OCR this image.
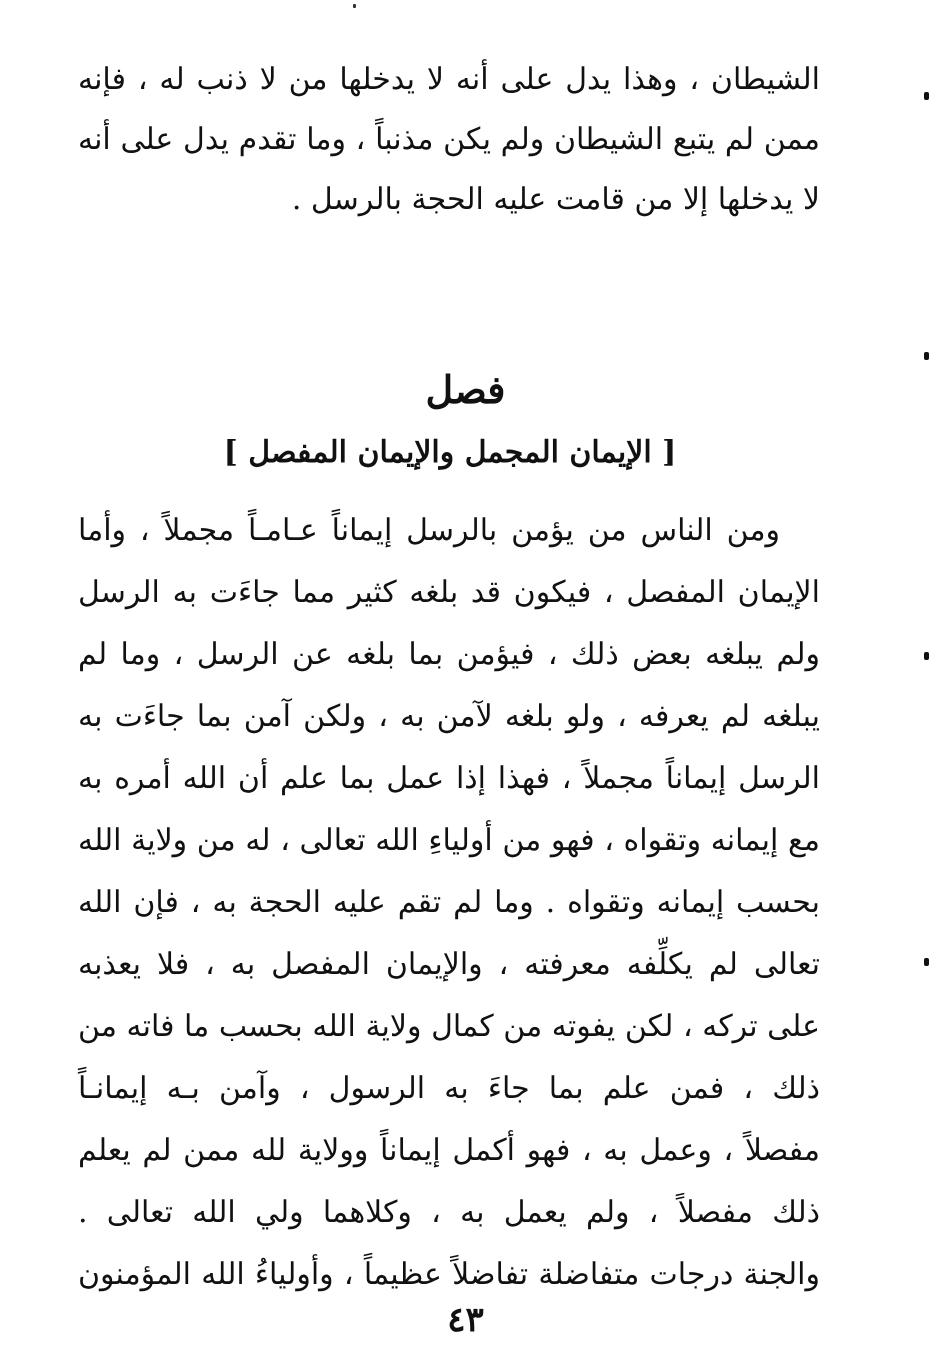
الشيطان ، وهذا يدل على أنه لا يدخلها من لا ذنب له ، فإنه
ممن لم يتبع الشيطان ولم يكن مذنباً ، وما تقدم يدل على أنه
لا يدخلها إلا من قامت عليه الحجة بالرسل .
فصل
[ الإيمان المجمل والإيمان المفصل ]
ومن الناس من يؤمن بالرسل إيماناً عـامـاً مجملاً ، وأما
الإيمان المفصل ، فيكون قد بلغه كثير مما جاءَت به الرسل
ولم يبلغه بعض ذلك ، فيؤمن بما بلغه عن الرسل ، وما لم
يبلغه لم يعرفه ، ولو بلغه لآمن به ، ولكن آمن بما جاءَت به
الرسل إيماناً مجملاً ، فهذا إذا عمل بما علم أن الله أمره به
مع إيمانه وتقواه ، فهو من أولياءِ الله تعالى ، له من ولاية الله
بحسب إيمانه وتقواه . وما لم تقم عليه الحجة به ، فإن الله
تعالى لم يكلِّفه معرفته ، والإيمان المفصل به ، فلا يعذبه
على تركه ، لكن يفوته من كمال ولاية الله بحسب ما فاته من
ذلك ، فمن علم بما جاءَ به الرسول ، وآمن بـه إيمانـاً
مفصلاً ، وعمل به ، فهو أكمل إيماناً وولاية لله ممن لم يعلم
ذلك مفصلاً ، ولم يعمل به ، وكلاهما ولي الله تعالى .
والجنة درجات متفاضلة تفاضلاً عظيماً ، وأولياءُ الله المؤمنون
٤٣
